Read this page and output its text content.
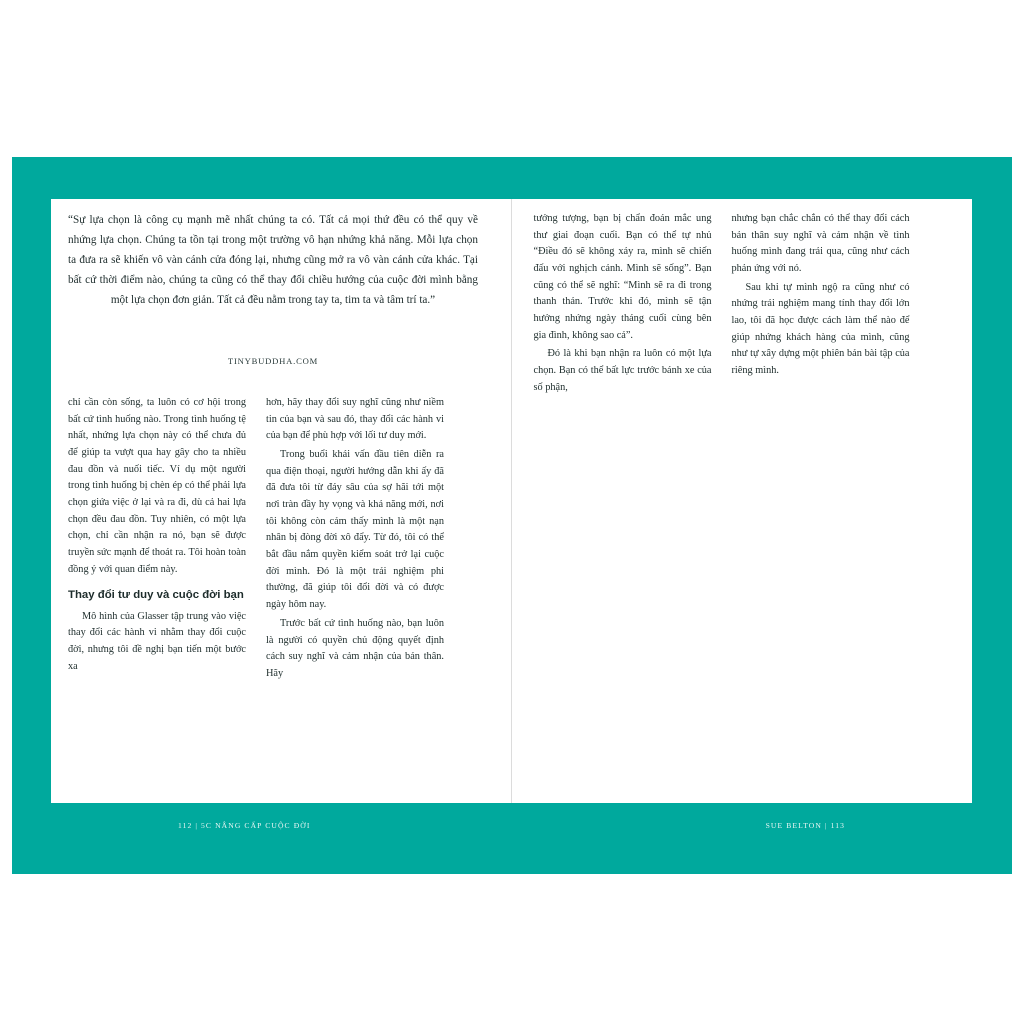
“Sự lựa chọn là công cụ mạnh mẽ nhất chúng ta có. Tất cả mọi thứ đều có thể quy về nhứng lựa chọn. Chúng ta tồn tại trong một trường vô hạn nhứng khả năng. Mỗi lựa chọn ta đưa ra sẽ khiến vô vàn cánh cửa đóng lại, nhưng cũng mở ra vô vàn cánh cửa khác. Tại bất cứ thời điểm nào, chúng ta cũng có thể thay đổi chiều hướng của cuộc đời mình bằng một lựa chọn đơn giản. Tất cả đều nằm trong tay ta, tim ta và tâm trí ta.”
TINYBUDDHA.COM

chỉ cần còn sống, ta luôn có cơ hội trong bất cứ tình huống nào. Trong tình huống tệ nhất, nhứng lựa chọn này có thể chưa đủ để giúp ta vượt qua hay gây cho ta nhiều đau đồn và nuối tiếc. Ví dụ một người trong tình huống bị chèn ép có thể phải lựa chọn giứa việc ở lại và ra đi, dù cả hai lựa chọn đều đau đồn. Tuy nhiên, có một lựa chọn, chỉ cần nhận ra nó, bạn sẽ được truyền sức mạnh để thoát ra. Tôi hoàn toàn đồng ý với quan điểm này.

Thay đổi tư duy và cuộc đời bạn

Mô hình của Glasser tập trung vào việc thay đổi các hành vi nhằm thay đổi cuộc đời, nhưng tôi đề nghị bạn tiến một bước xa

hơn, hãy thay đổi suy nghĩ cũng như niềm tin của bạn và sau đó, thay đổi các hành vi của bạn để phù hợp với lối tư duy mới.

Trong buổi khái vấn đầu tiên diễn ra qua điện thoại, người hướng dẫn khi ấy đã đã đưa tôi từ đáy sâu của sợ hãi tới một nơi tràn đầy hy vọng và khả năng mới, nơi tôi không còn cảm thấy mình là một nạn nhân bị đòng đời xô đẩy. Từ đó, tôi có thể bắt đầu nắm quyền kiểm soát trở lại cuộc đời mình. Đó là một trải nghiệm phi thường, đã giúp tôi đổi đời và có được ngày hôm nay.

Trước bất cứ tình huống nào, bạn luôn là người có quyền chủ động quyết định cách suy nghĩ và cảm nhận của bản thân. Hãy

112 | 5C NÂNG CẤP CUỘC ĐỜI

tưởng tượng, bạn bị chẩn đoán mắc ung thư giai đoạn cuối. Bạn có thể tự nhủ “Điều đó sẽ không xảy ra, mình sẽ chiến đấu với nghịch cảnh. Mình sẽ sống”. Bạn cũng có thể sẽ nghĩ: “Mình sẽ ra đi trong thanh thản. Trước khi đó, mình sẽ tận hưởng nhứng ngày tháng cuối cùng bên gia đình, không sao cả”.

Đó là khi bạn nhận ra luôn có một lựa chọn. Bạn có thể bất lực trước bánh xe của số phận,

nhưng bạn chắc chắn có thể thay đổi cách bản thân suy nghĩ và cảm nhận về tình huống mình đang trải qua, cũng như cách phản ứng với nó.

Sau khi tự mình ngộ ra cũng như có nhứng trải nghiệm mang tính thay đổi lớn lao, tôi đã học được cách làm thể nào để giúp nhứng khách hàng của mình, cũng như tự xây dựng một phiên bản bài tập của riêng mình.

SUE BELTON | 113
